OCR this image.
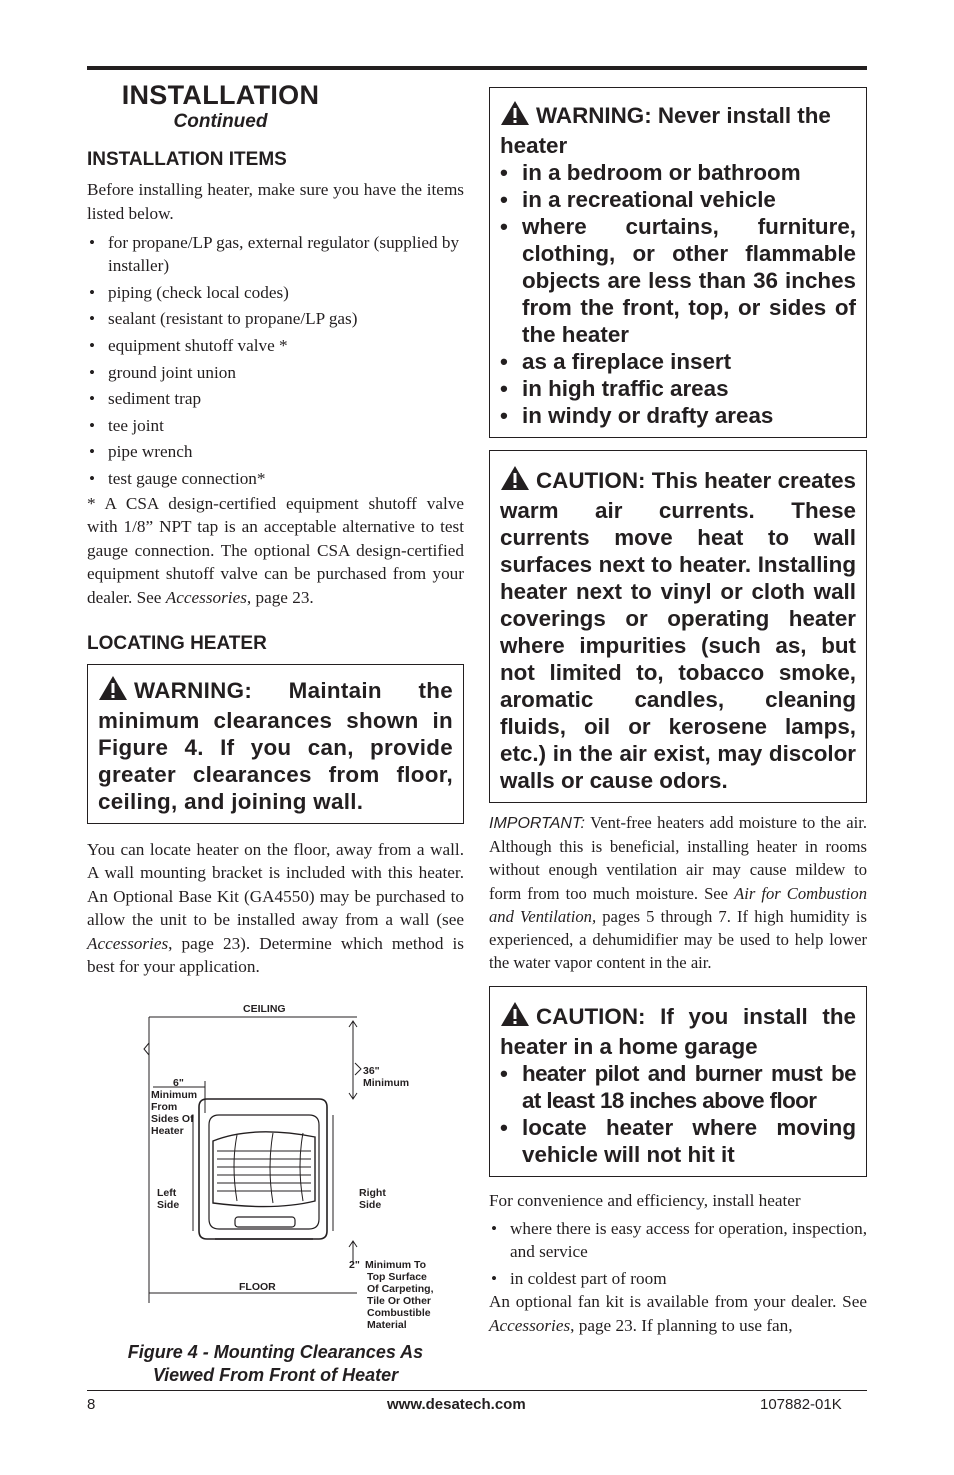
INSTALLATION
Continued
INSTALLATION ITEMS

Before installing heater, make sure you have the items listed below.

• for propane/LP gas, external regulator (supplied by installer)
• piping (check local codes)
• sealant (resistant to propane/LP gas)
• equipment shutoff valve *
• ground joint union
• sediment trap
• tee joint
• pipe wrench
• test gauge connection*

* A CSA design-certified equipment shutoff valve with 1/8” NPT tap is an acceptable alternative to test gauge connection. The optional CSA design-certified equipment shutoff valve can be purchased from your dealer. See Accessories, page 23.

LOCATING HEATER
WARNING: Maintain the minimum clearances shown in Figure 4. If you can, provide greater clearances from floor, ceiling, and joining wall.

You can locate heater on the floor, away from a wall. A wall mounting bracket is included with this heater. An Optional Base Kit (GA4550) may be purchased to allow the unit to be installed away from a wall (see Accessories, page 23). Determine which method is best for your application.

CEILING
36"
Minimum
6"
Minimum
From
Sides Of
Heater
Left
Side
Right
Side
2" Minimum To
Top Surface
Of Carpeting,
Tile Or Other
Combustible
Material
FLOOR
Figure 4 - Mounting Clearances As
Viewed From Front of Heater
WARNING: Never install the heater
• in a bedroom or bathroom
• in a recreational vehicle
• where curtains, furniture, clothing, or other flammable objects are less than 36 inches from the front, top, or sides of the heater
• as a fireplace insert
• in high traffic areas
• in windy or drafty areas
CAUTION: This heater creates warm air currents. These currents move heat to wall surfaces next to heater. Installing heater next to vinyl or cloth wall coverings or operating heater where impurities (such as, but not limited to, tobacco smoke, aromatic candles, cleaning fluids, oil or kerosene lamps, etc.) in the air exist, may discolor walls or cause odors.

IMPORTANT: Vent-free heaters add moisture to the air. Although this is beneficial, installing heater in rooms without enough ventilation air may cause mildew to form from too much moisture. See Air for Combustion and Ventilation, pages 5 through 7. If high humidity is experienced, a dehumidifier may be used to help lower the water vapor content in the air.

CAUTION: If you install the heater in a home garage
• heater pilot and burner must be at least 18 inches above floor
• locate heater where moving vehicle will not hit it

For convenience and efficiency, install heater

• where there is easy access for operation, inspection, and service
• in coldest part of room

An optional fan kit is available from your dealer. See Accessories, page 23. If planning to use fan,

8	www.desatech.com	107882-01K
